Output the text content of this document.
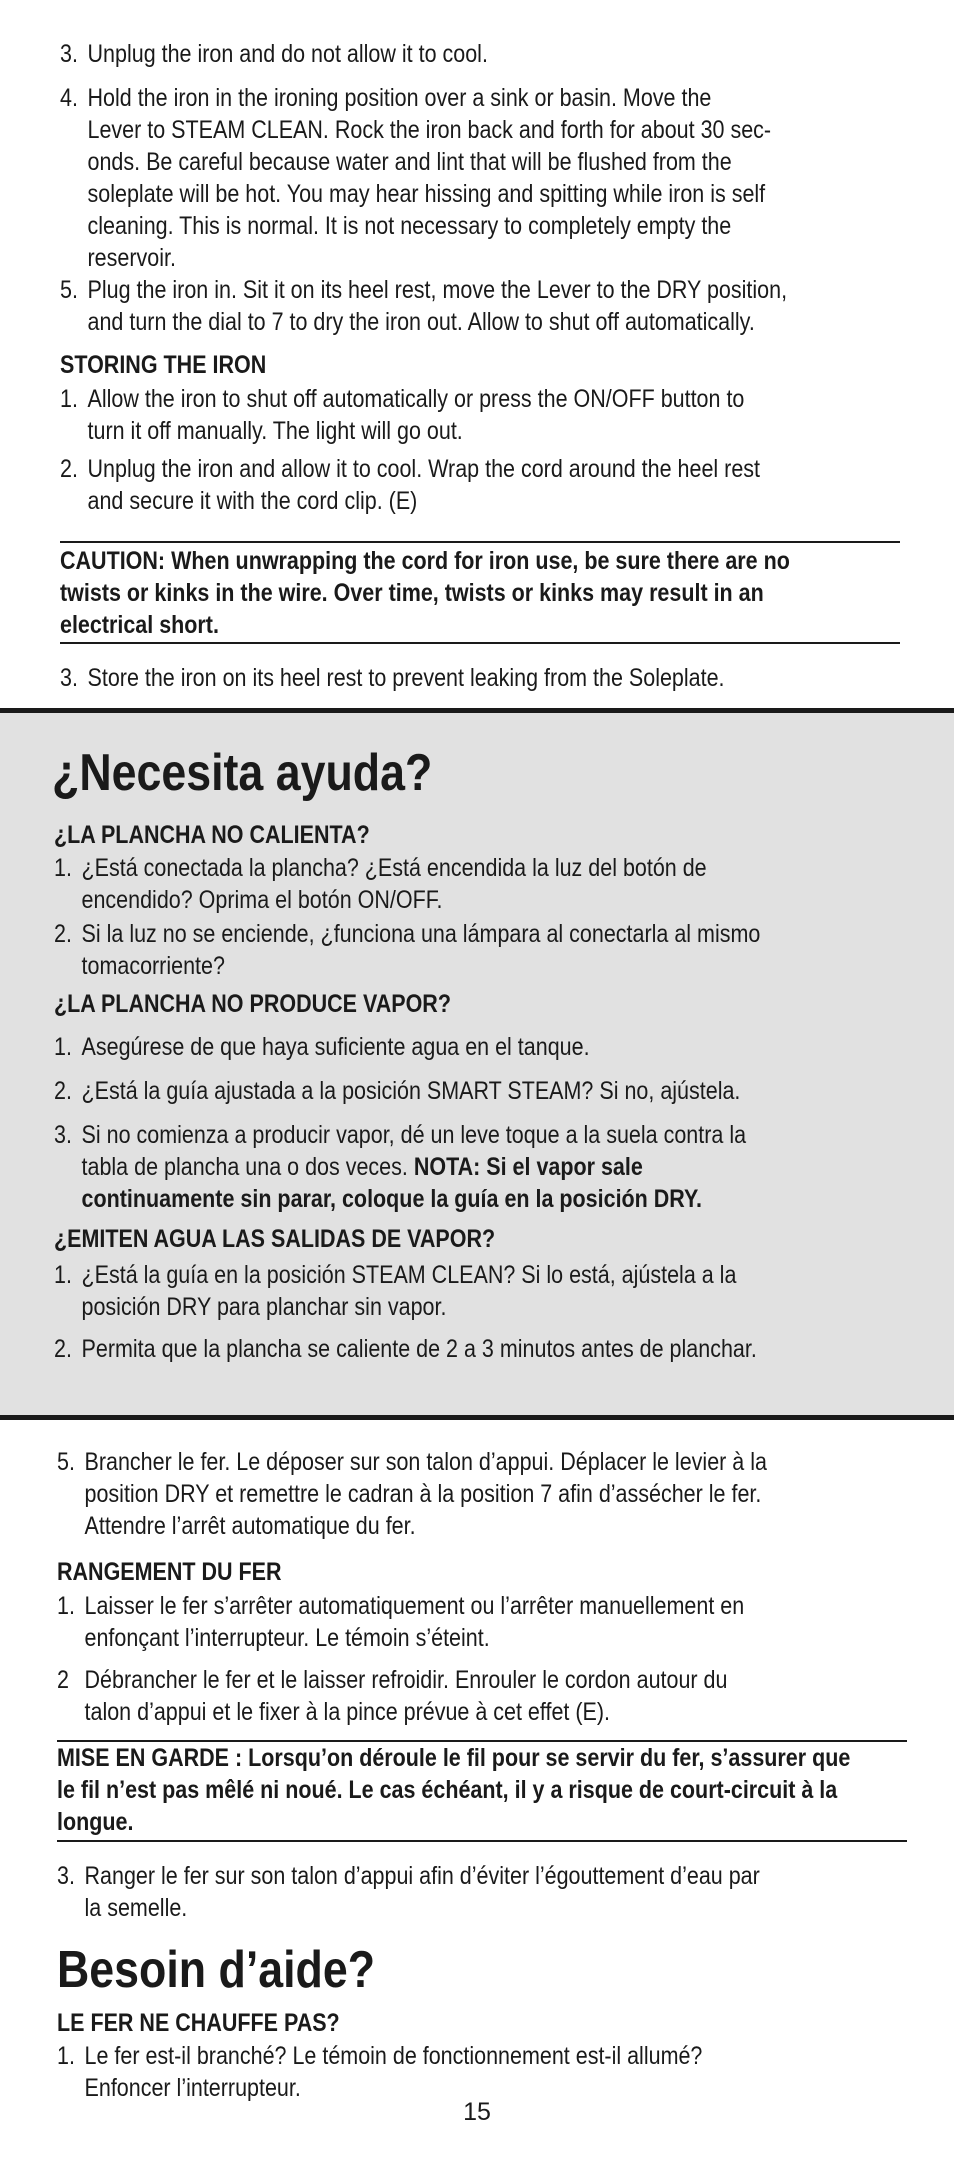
3. Unplug the iron and do not allow it to cool.
4. Hold the iron in the ironing position over a sink or basin. Move the
Lever to STEAM CLEAN. Rock the iron back and forth for about 30 sec-
onds. Be careful because water and lint that will be flushed from the
soleplate will be hot. You may hear hissing and spitting while iron is self
cleaning. This is normal. It is not necessary to completely empty the
reservoir.
5. Plug the iron in. Sit it on its heel rest, move the Lever to the DRY position,
and turn the dial to 7 to dry the iron out. Allow to shut off automatically.
STORING THE IRON
1. Allow the iron to shut off automatically or press the ON/OFF button to
turn it off manually. The light will go out.
2. Unplug the iron and allow it to cool. Wrap the cord around the heel rest
and secure it with the cord clip. (E)
CAUTION: When unwrapping the cord for iron use, be sure there are no
twists or kinks in the wire. Over time, twists or kinks may result in an
electrical short.
3. Store the iron on its heel rest to prevent leaking from the Soleplate.
¿Necesita ayuda?
¿LA PLANCHA NO CALIENTA?
1. ¿Está conectada la plancha? ¿Está encendida la luz del botón de
encendido? Oprima el botón ON/OFF.
2. Si la luz no se enciende, ¿funciona una lámpara al conectarla al mismo
tomacorriente?
¿LA PLANCHA NO PRODUCE VAPOR?
1. Asegúrese de que haya suficiente agua en el tanque.
2. ¿Está la guía ajustada a la posición SMART STEAM? Si no, ajústela.
3. Si no comienza a producir vapor, dé un leve toque a la suela contra la
tabla de plancha una o dos veces. NOTA: Si el vapor sale
continuamente sin parar, coloque la guía en la posición DRY.
¿EMITEN AGUA LAS SALIDAS DE VAPOR?
1. ¿Está la guía en la posición STEAM CLEAN? Si lo está, ajústela a la
posición DRY para planchar sin vapor.
2. Permita que la plancha se caliente de 2 a 3 minutos antes de planchar.
5. Brancher le fer. Le déposer sur son talon d’appui. Déplacer le levier à la
position DRY et remettre le cadran à la position 7 afin d’assécher le fer.
Attendre l’arrêt automatique du fer.
RANGEMENT DU FER
1. Laisser le fer s’arrêter automatiquement ou l’arrêter manuellement en
enfonçant l’interrupteur. Le témoin s’éteint.
2 Débrancher le fer et le laisser refroidir. Enrouler le cordon autour du
talon d’appui et le fixer à la pince prévue à cet effet (E).
MISE EN GARDE : Lorsqu’on déroule le fil pour se servir du fer, s’assurer que
le fil n’est pas mêlé ni noué. Le cas échéant, il y a risque de court-circuit à la
longue.
3. Ranger le fer sur son talon d’appui afin d’éviter l’égouttement d’eau par
la semelle.
Besoin d’aide?
LE FER NE CHAUFFE PAS?
1. Le fer est-il branché? Le témoin de fonctionnement est-il allumé?
Enfoncer l’interrupteur.
15
